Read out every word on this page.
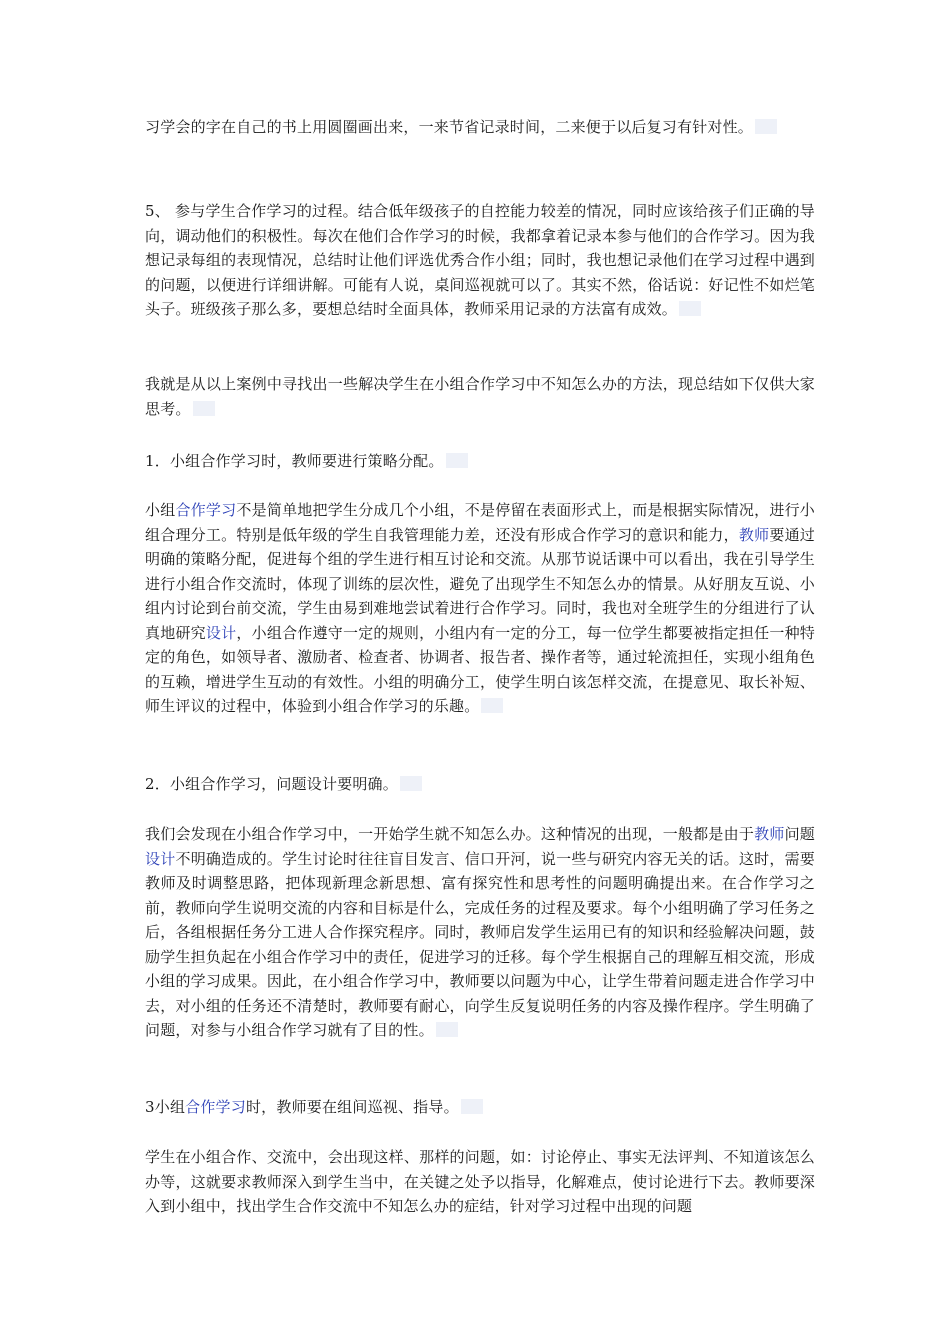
习学会的字在自己的书上用圆圈画出来，一来节省记录时间，二来便于以后复习有针对性。

5、 参与学生合作学习的过程。结合低年级孩子的自控能力较差的情况，同时应该给孩子们正确的导向，调动他们的积极性。每次在他们合作学习的时候，我都拿着记录本参与他们的合作学习。因为我想记录每组的表现情况，总结时让他们评选优秀合作小组；同时，我也想记录他们在学习过程中遇到的问题，以便进行详细讲解。可能有人说，桌间巡视就可以了。其实不然，俗话说：好记性不如烂笔头子。班级孩子那么多，要想总结时全面具体，教师采用记录的方法富有成效。

我就是从以上案例中寻找出一些解决学生在小组合作学习中不知怎么办的方法，现总结如下仅供大家思考。

1．小组合作学习时，教师要进行策略分配。

小组合作学习不是简单地把学生分成几个小组，不是停留在表面形式上，而是根据实际情况，进行小组合理分工。特别是低年级的学生自我管理能力差，还没有形成合作学习的意识和能力，教师要通过明确的策略分配，促进每个组的学生进行相互讨论和交流。从那节说话课中可以看出，我在引导学生进行小组合作交流时，体现了训练的层次性，避免了出现学生不知怎么办的情景。从好朋友互说、小组内讨论到台前交流，学生由易到难地尝试着进行合作学习。同时，我也对全班学生的分组进行了认真地研究设计，小组合作遵守一定的规则，小组内有一定的分工，每一位学生都要被指定担任一种特定的角色，如领导者、激励者、检查者、协调者、报告者、操作者等，通过轮流担任，实现小组角色的互赖，增进学生互动的有效性。小组的明确分工，使学生明白该怎样交流，在提意见、取长补短、师生评议的过程中，体验到小组合作学习的乐趣。

2．小组合作学习，问题设计要明确。

我们会发现在小组合作学习中，一开始学生就不知怎么办。这种情况的出现，一般都是由于教师问题设计不明确造成的。学生讨论时往往盲目发言、信口开河，说一些与研究内容无关的话。这时，需要教师及时调整思路，把体现新理念新思想、富有探究性和思考性的问题明确提出来。在合作学习之前，教师向学生说明交流的内容和目标是什么，完成任务的过程及要求。每个小组明确了学习任务之后，各组根据任务分工进人合作探究程序。同时，教师启发学生运用已有的知识和经验解决问题，鼓励学生担负起在小组合作学习中的责任，促进学习的迁移。每个学生根据自己的理解互相交流，形成小组的学习成果。因此，在小组合作学习中，教师要以问题为中心，让学生带着问题走进合作学习中去，对小组的任务还不清楚时，教师要有耐心，向学生反复说明任务的内容及操作程序。学生明确了问题，对参与小组合作学习就有了目的性。

3小组合作学习时，教师要在组间巡视、指导。

学生在小组合作、交流中，会出现这样、那样的问题，如：讨论停止、事实无法评判、不知道该怎么办等，这就要求教师深入到学生当中，在关键之处予以指导，化解难点，使讨论进行下去。教师要深入到小组中，找出学生合作交流中不知怎么办的症结，针对学习过程中出现的问题
